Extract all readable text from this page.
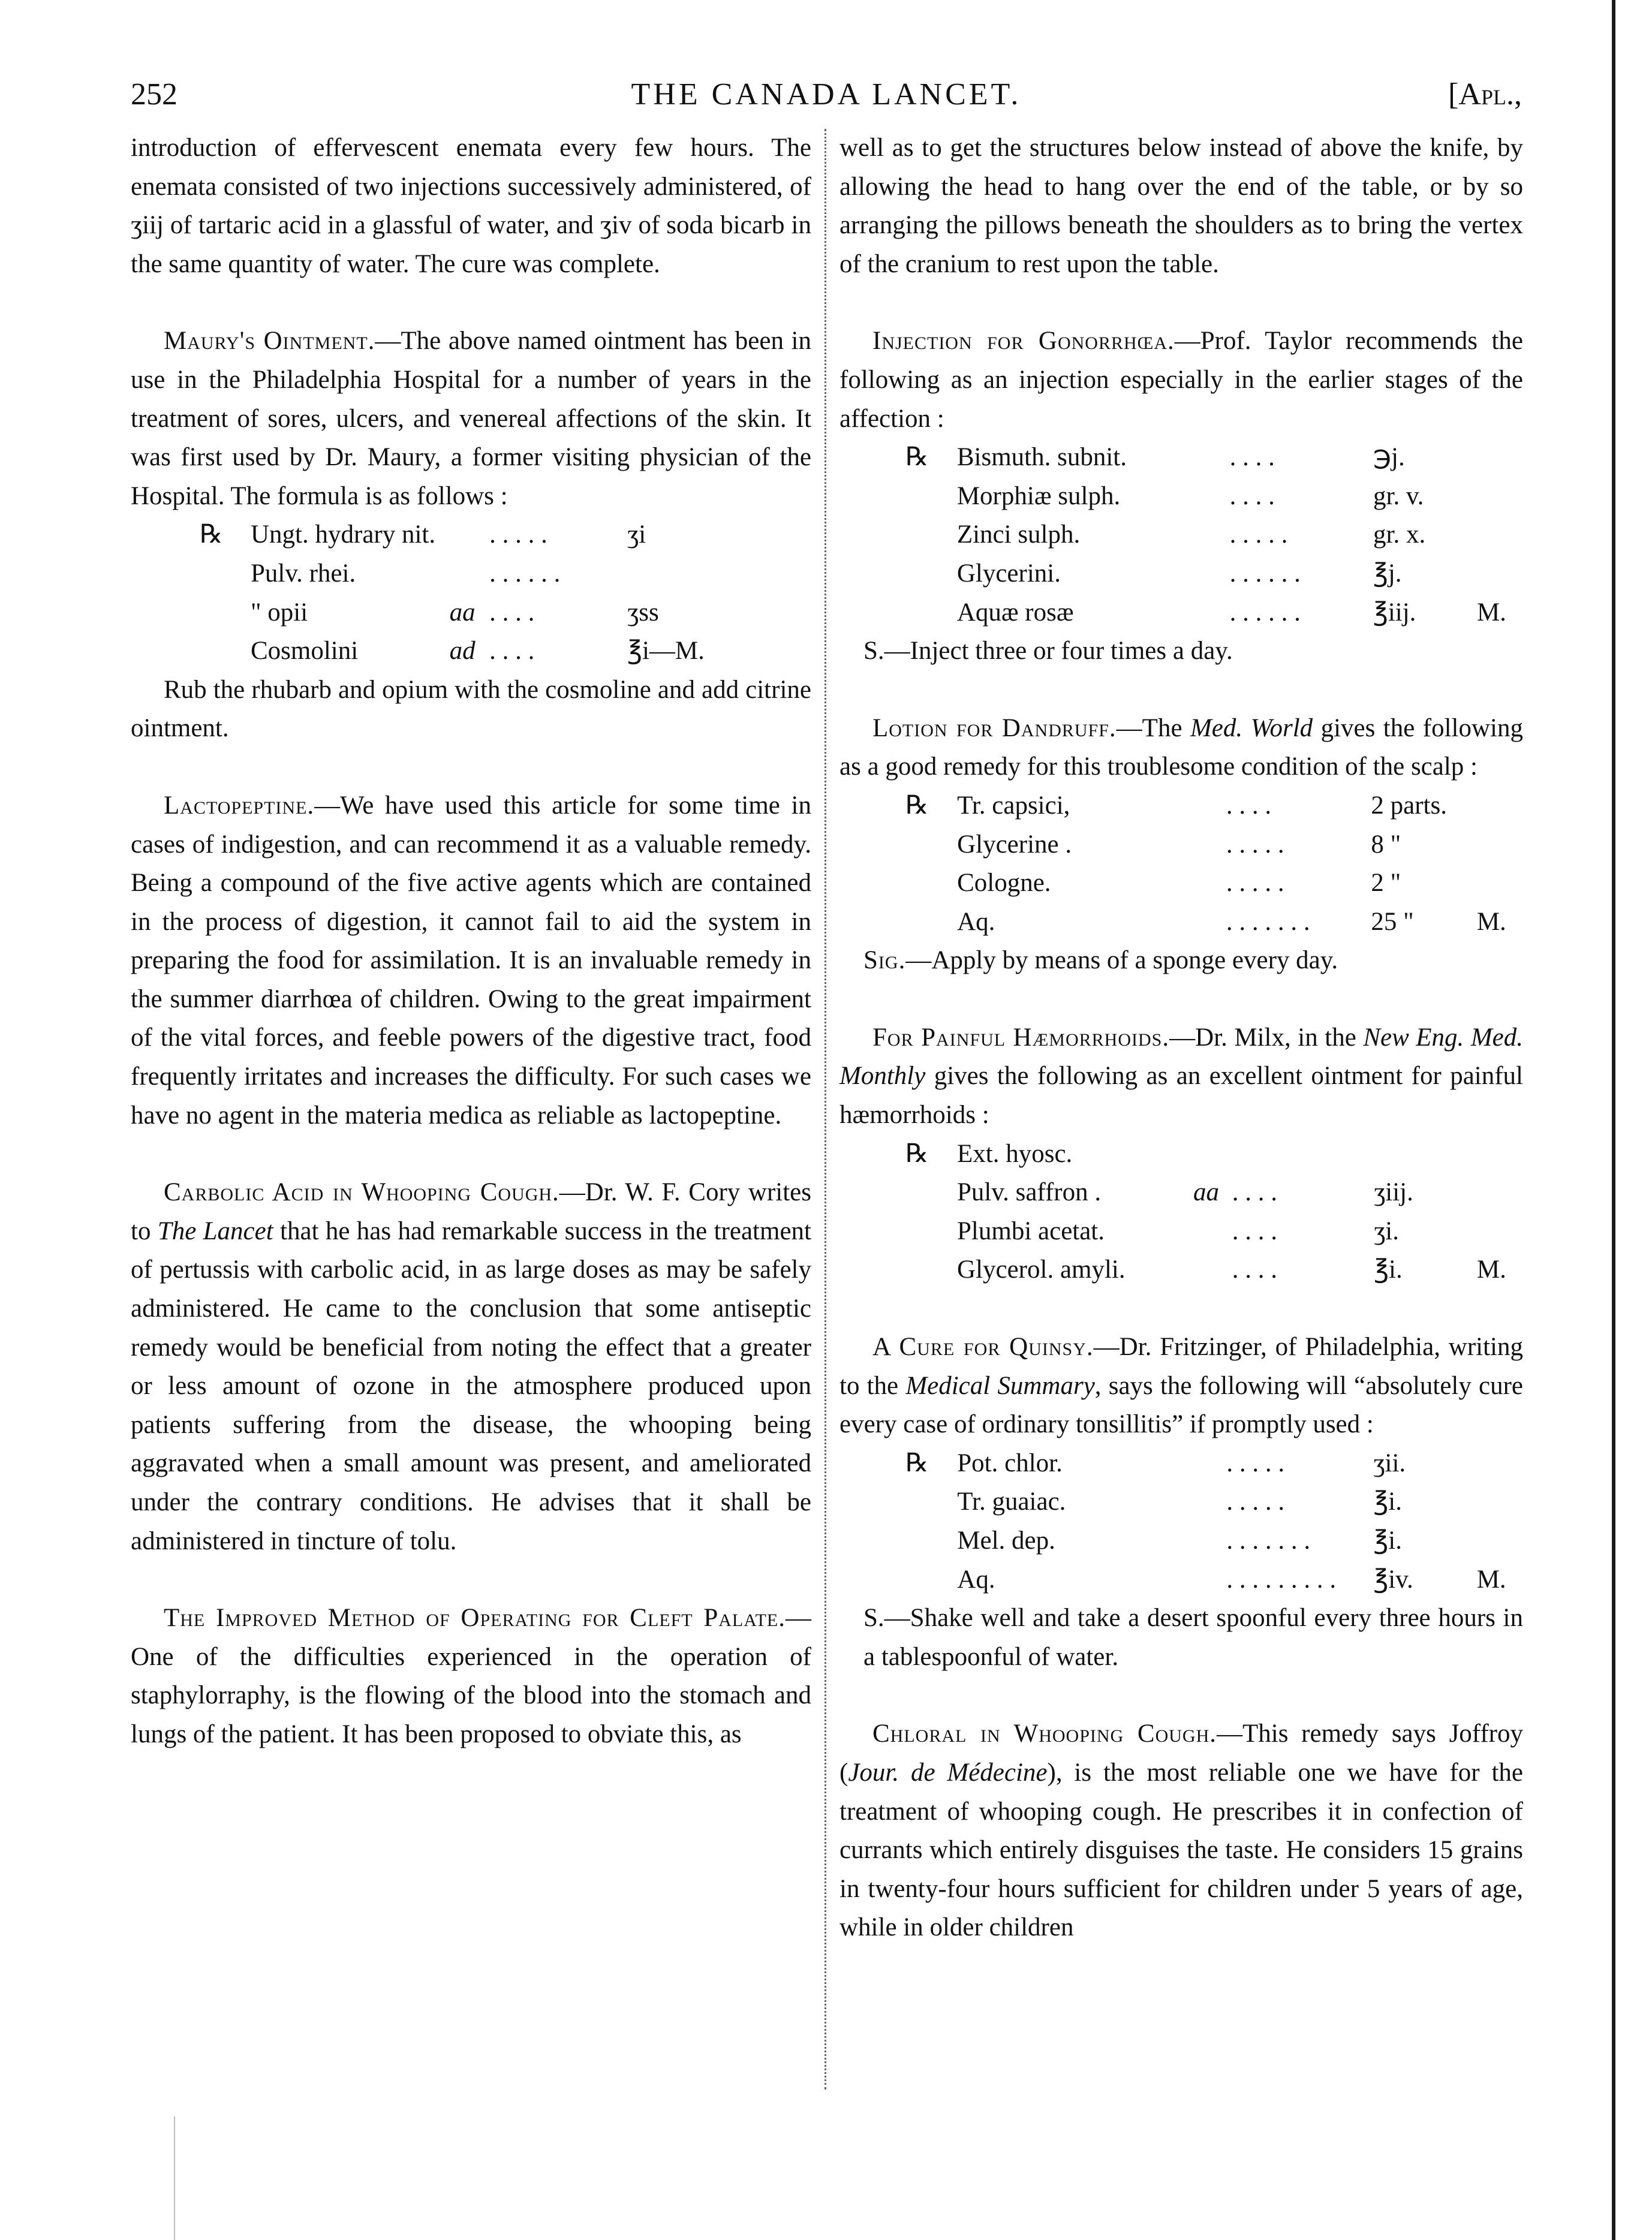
252	THE CANADA LANCET.	[Apl.,

introduction of effervescent enemata every few hours. The enemata consisted of two injections successively administered, of ʒiij of tartaric acid in a glassful of water, and ʒiv of soda bicarb in the same quantity of water. The cure was complete.

Maury's Ointment.—The above named ointment has been in use in the Philadelphia Hospital for a number of years in the treatment of sores, ulcers, and venereal affections of the skin. It was first used by Dr. Maury, a former visiting physician of the Hospital. The formula is as follows :

℞	Ungt. hydrary nit.		. . . . .	ʒi	
	Pulv. rhei.		. . . . . .		
	" opii	aa	. . . .	ʒss	
	Cosmolini	ad	. . . .	℥i—M.	

Rub the rhubarb and opium with the cosmoline and add citrine ointment.

Lactopeptine.—We have used this article for some time in cases of indigestion, and can recommend it as a valuable remedy. Being a compound of the five active agents which are contained in the process of digestion, it cannot fail to aid the system in preparing the food for assimilation. It is an invaluable remedy in the summer diarrhœa of children. Owing to the great impairment of the vital forces, and feeble powers of the digestive tract, food frequently irritates and increases the difficulty. For such cases we have no agent in the materia medica as reliable as lactopeptine.

Carbolic Acid in Whooping Cough.—Dr. W. F. Cory writes to The Lancet that he has had remarkable success in the treatment of pertussis with carbolic acid, in as large doses as may be safely administered. He came to the conclusion that some antiseptic remedy would be beneficial from noting the effect that a greater or less amount of ozone in the atmosphere produced upon patients suffering from the disease, the whooping being aggravated when a small amount was present, and ameliorated under the contrary conditions. He advises that it shall be administered in tincture of tolu.

The Improved Method of Operating for Cleft Palate.—One of the difficulties experienced in the operation of staphylorraphy, is the flowing of the blood into the stomach and lungs of the patient. It has been proposed to obviate this, as

well as to get the structures below instead of above the knife, by allowing the head to hang over the end of the table, or by so arranging the pillows beneath the shoulders as to bring the vertex of the cranium to rest upon the table.

Injection for Gonorrhœa.—Prof. Taylor recommends the following as an injection especially in the earlier stages of the affection :

℞	Bismuth. subnit.		. . . .	℈j.	
	Morphiæ sulph.		. . . .	gr. v.	
	Zinci sulph.		. . . . .	gr. x.	
	Glycerini.		. . . . . .	℥j.	
	Aquæ rosæ		. . . . . .	℥iij.	M.

S.—Inject three or four times a day.

Lotion for Dandruff.—The Med. World gives the following as a good remedy for this troublesome condition of the scalp :

℞	Tr. capsici,		. . . .	2 parts.	
	Glycerine .		. . . . .	8 "	
	Cologne.		. . . . .	2 "	
	Aq.		. . . . . . .	25 "	M.

Sig.—Apply by means of a sponge every day.

For Painful Hæmorrhoids.—Dr. Milx, in the New Eng. Med. Monthly gives the following as an excellent ointment for painful hæmorrhoids :

℞	Ext. hyosc.				
	Pulv. saffron .	aa	. . . .	ʒiij.	
	Plumbi acetat.		. . . .	ʒi.	
	Glycerol. amyli.		. . . .	℥i.	M.

A Cure for Quinsy.—Dr. Fritzinger, of Philadelphia, writing to the Medical Summary, says the following will “absolutely cure every case of ordinary tonsillitis” if promptly used :

℞	Pot. chlor.		. . . . .	ʒii.	
	Tr. guaiac.		. . . . .	℥i.	
	Mel. dep.		. . . . . . .	℥i.	
	Aq.		. . . . . . . . .	℥iv.	M.

S.—Shake well and take a desert spoonful every three hours in a tablespoonful of water.

Chloral in Whooping Cough.—This remedy says Joffroy (Jour. de Médecine), is the most reliable one we have for the treatment of whooping cough. He prescribes it in confection of currants which entirely disguises the taste. He considers 15 grains in twenty-four hours sufficient for children under 5 years of age, while in older children
